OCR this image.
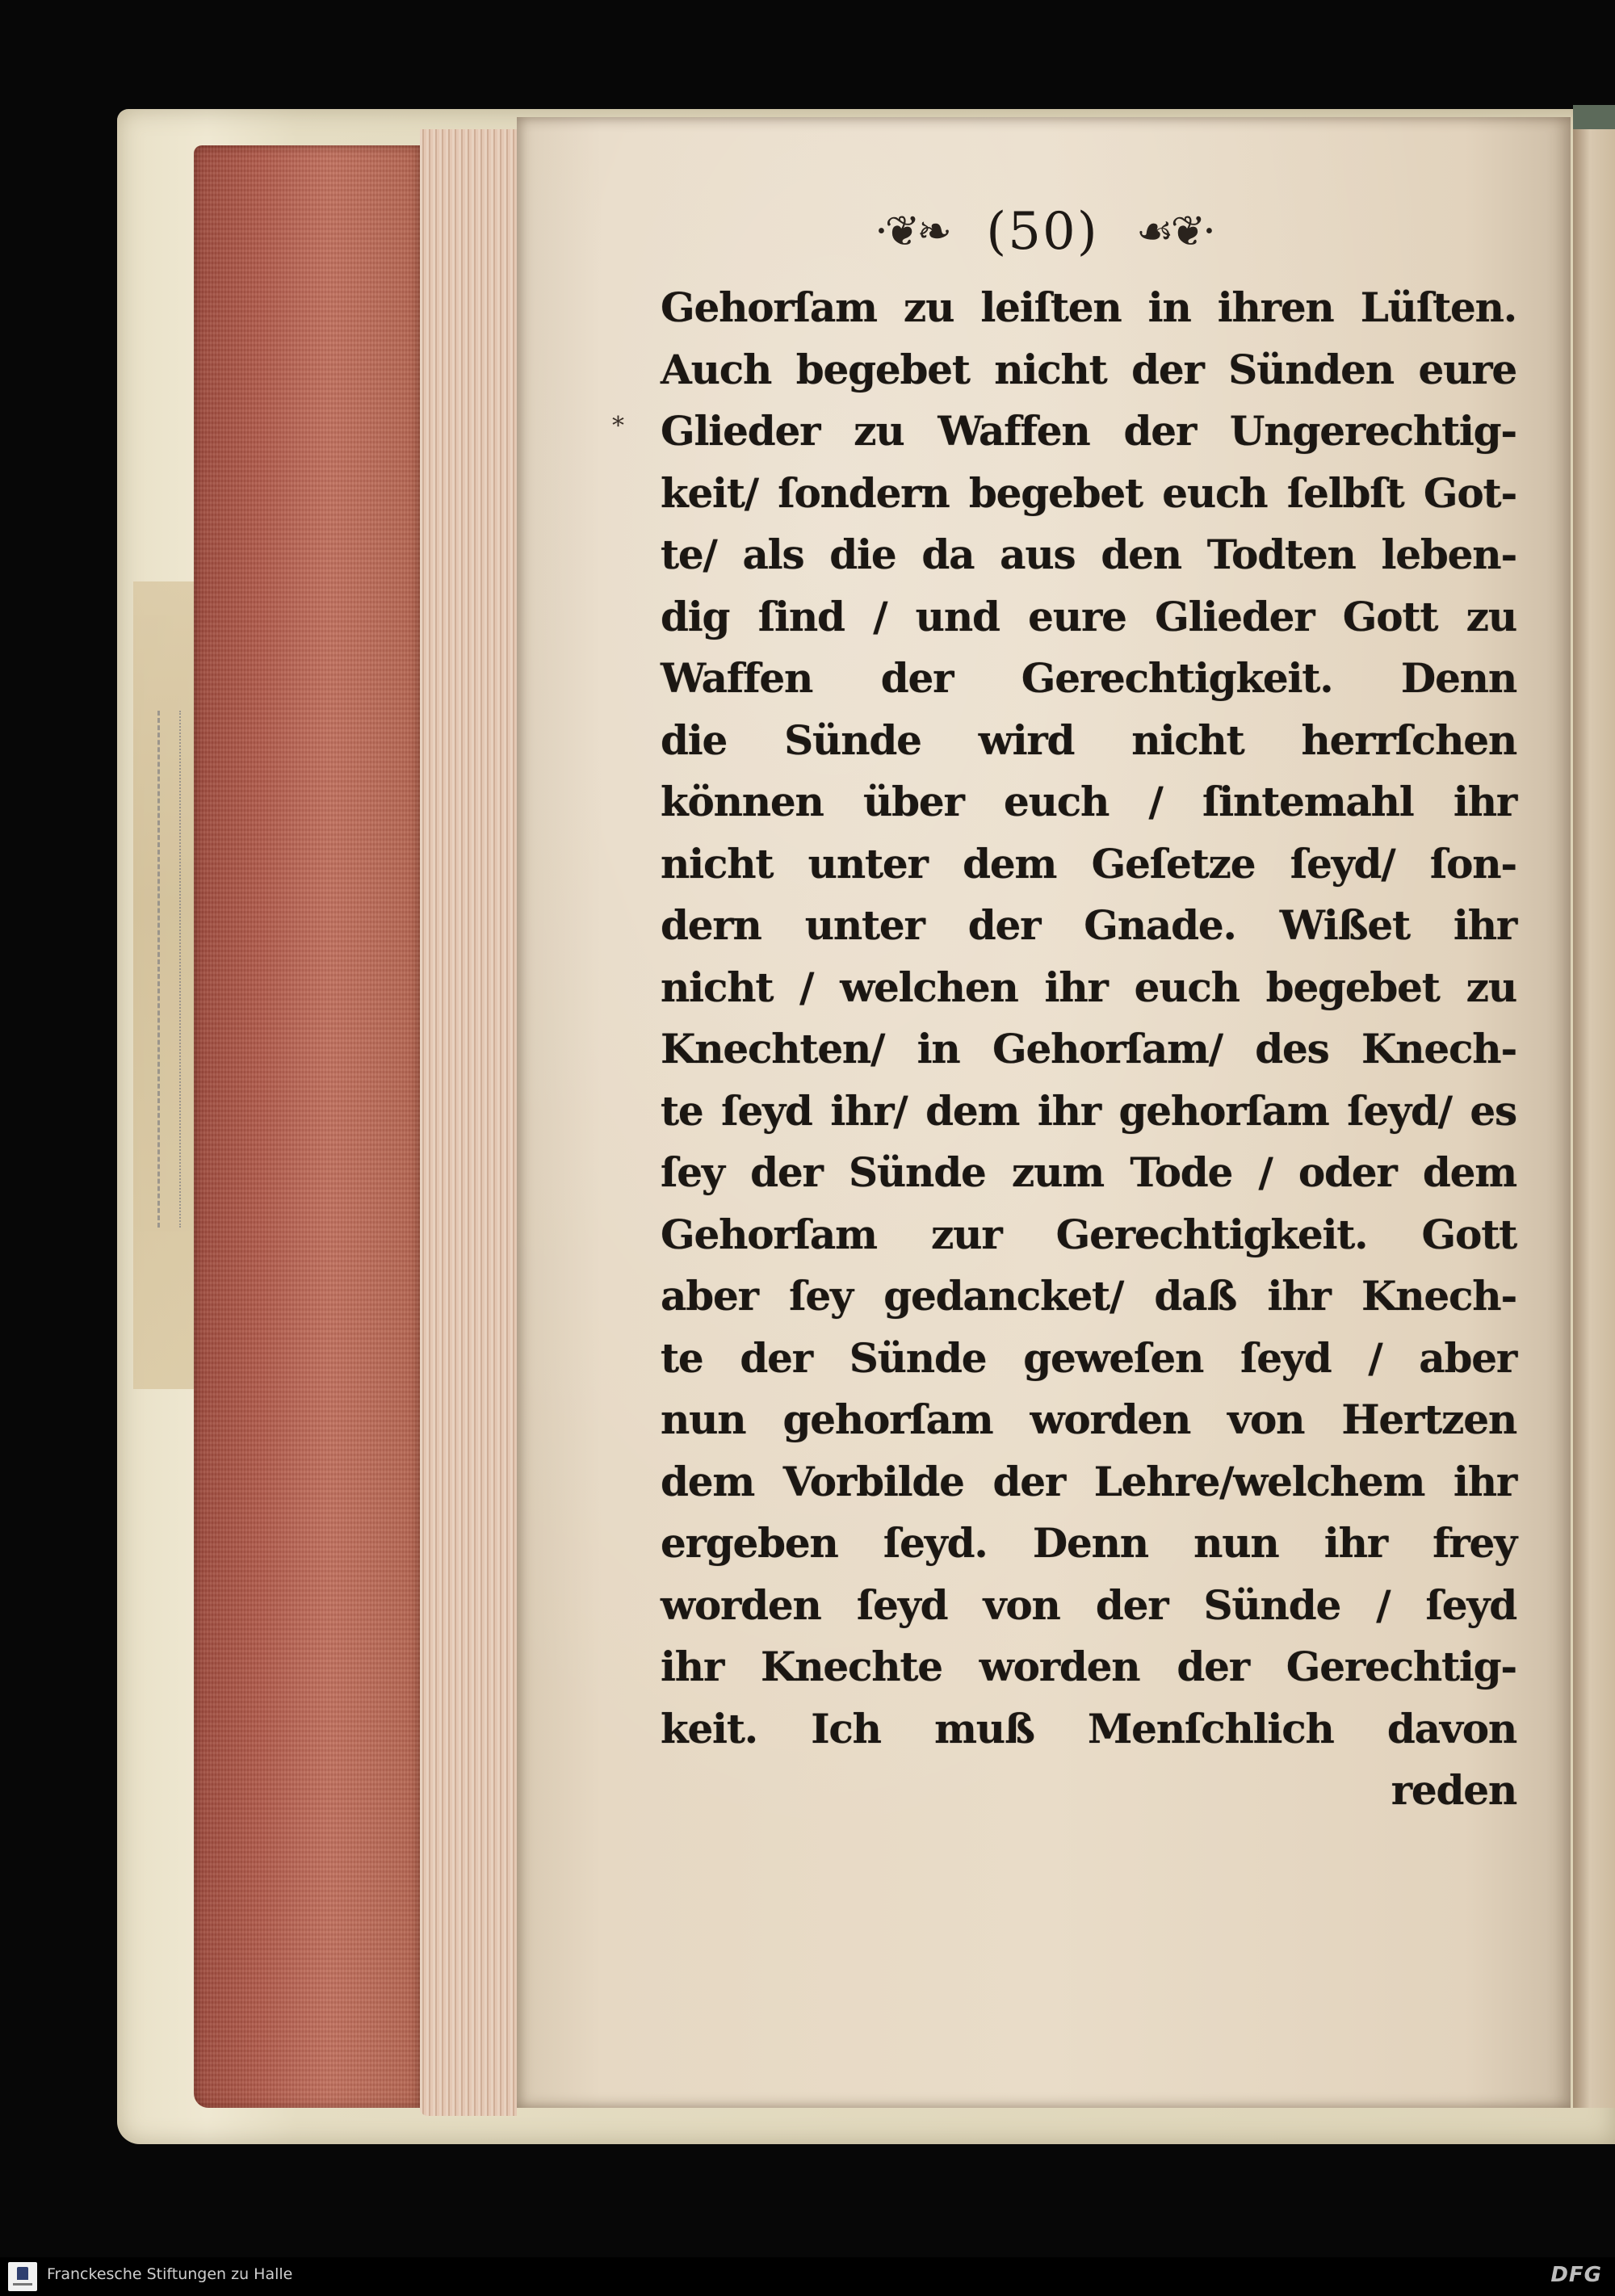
·❦❧ (50) ☙❦·
*
Gehorſam zu leiſten in ihren Lüſten.
Auch begebet nicht der Sünden eure
Glieder zu Waffen der Ungerechtig-
keit/ ſondern begebet euch ſelbſt Got-
te/ als die da aus den Todten leben-
dig ſind / und eure Glieder Gott zu
Waffen der Gerechtigkeit. Denn
die Sünde wird nicht herrſchen
können über euch / ſintemahl ihr
nicht unter dem Geſetze ſeyd/ ſon-
dern unter der Gnade. Wißet ihr
nicht / welchen ihr euch begebet zu
Knechten/ in Gehorſam/ des Knech-
te ſeyd ihr/ dem ihr gehorſam ſeyd/ es
ſey der Sünde zum Tode / oder dem
Gehorſam zur Gerechtigkeit. Gott
aber ſey gedancket/ daß ihr Knech-
te der Sünde geweſen ſeyd / aber
nun gehorſam worden von Hertzen
dem Vorbilde der Lehre/welchem ihr
ergeben ſeyd. Denn nun ihr frey
worden ſeyd von der Sünde / ſeyd
ihr Knechte worden der Gerechtig-
keit. Ich muß Menſchlich davon
reden
Franckesche Stiftungen zu Halle	DFG
